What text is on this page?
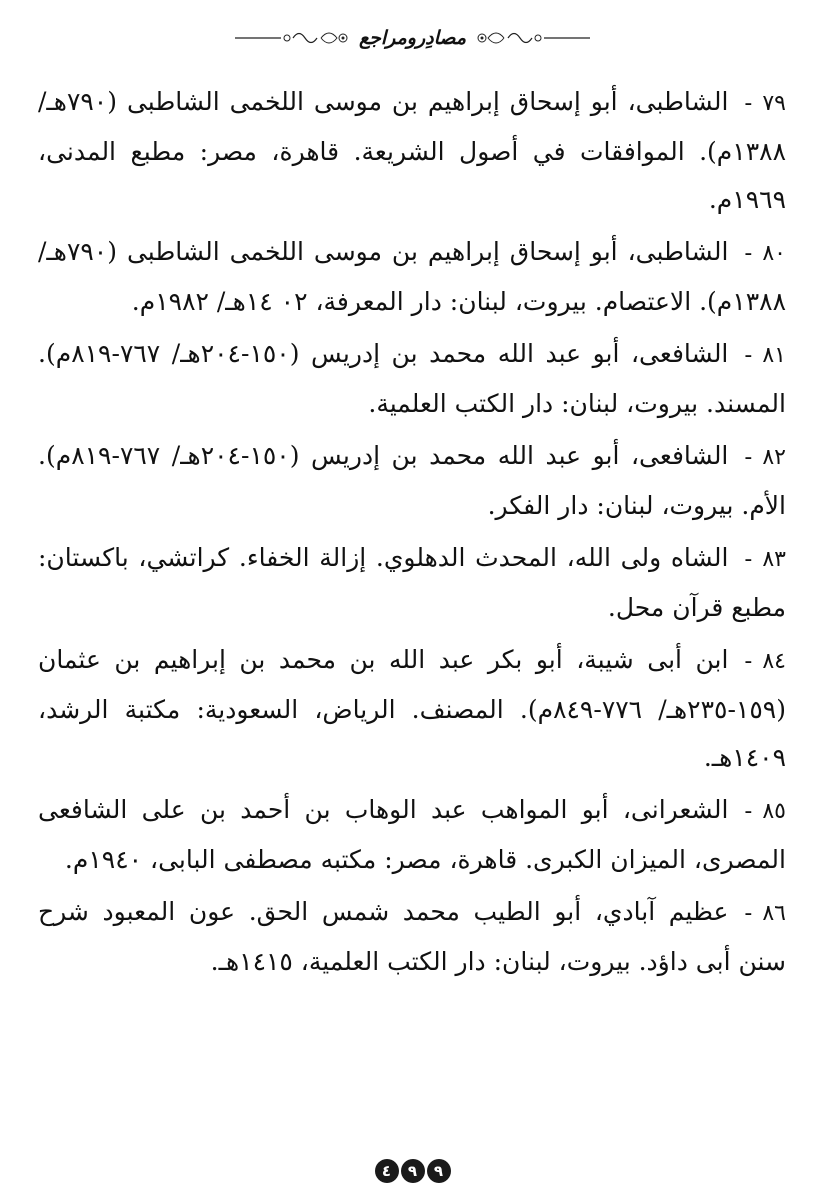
مصادِرومراجع

٧٩-الشاطبى، أبو إسحاق إبراهيم بن موسى اللخمى الشاطبى (٧٩٠هـ/١٣٨٨م). الموافقات في أصول الشريعة. قاهرة، مصر: مطبع المدنى، ١٩٦٩م.

٨٠-الشاطبى، أبو إسحاق إبراهيم بن موسى اللخمى الشاطبى (٧٩٠هـ/١٣٨٨م). الاعتصام. بيروت، لبنان: دار المعرفة، ٠٢ ١٤هـ/ ١٩٨٢م.

٨١-الشافعى، أبو عبد الله محمد بن إدريس (١٥٠-٢٠٤هـ/ ٧٦٧-٨١٩م). المسند. بيروت، لبنان: دار الكتب العلمية.

٨٢-الشافعى، أبو عبد الله محمد بن إدريس (١٥٠-٢٠٤هـ/ ٧٦٧-٨١٩م). الأم. بيروت، لبنان: دار الفكر.

٨٣-الشاه ولى الله، المحدث الدهلوي. إزالة الخفاء. كراتشي، باكستان: مطبع قرآن محل.

٨٤-ابن أبى شيبة، أبو بكر عبد الله بن محمد بن إبراهيم بن عثمان (١٥٩-٢٣٥هـ/ ٧٧٦-٨٤٩م). المصنف. الرياض، السعودية: مكتبة الرشد، ١٤٠٩هـ.

٨٥-الشعرانى، أبو المواهب عبد الوهاب بن أحمد بن على الشافعى المصرى، الميزان الكبرى. قاهرة، مصر: مكتبه مصطفى البابى، ١٩٤٠م.

٨٦-عظيم آبادي، أبو الطيب محمد شمس الحق. عون المعبود شرح سنن أبى داؤد. بيروت، لبنان: دار الكتب العلمية، ١٤١٥هـ.

٤	٩	٩
